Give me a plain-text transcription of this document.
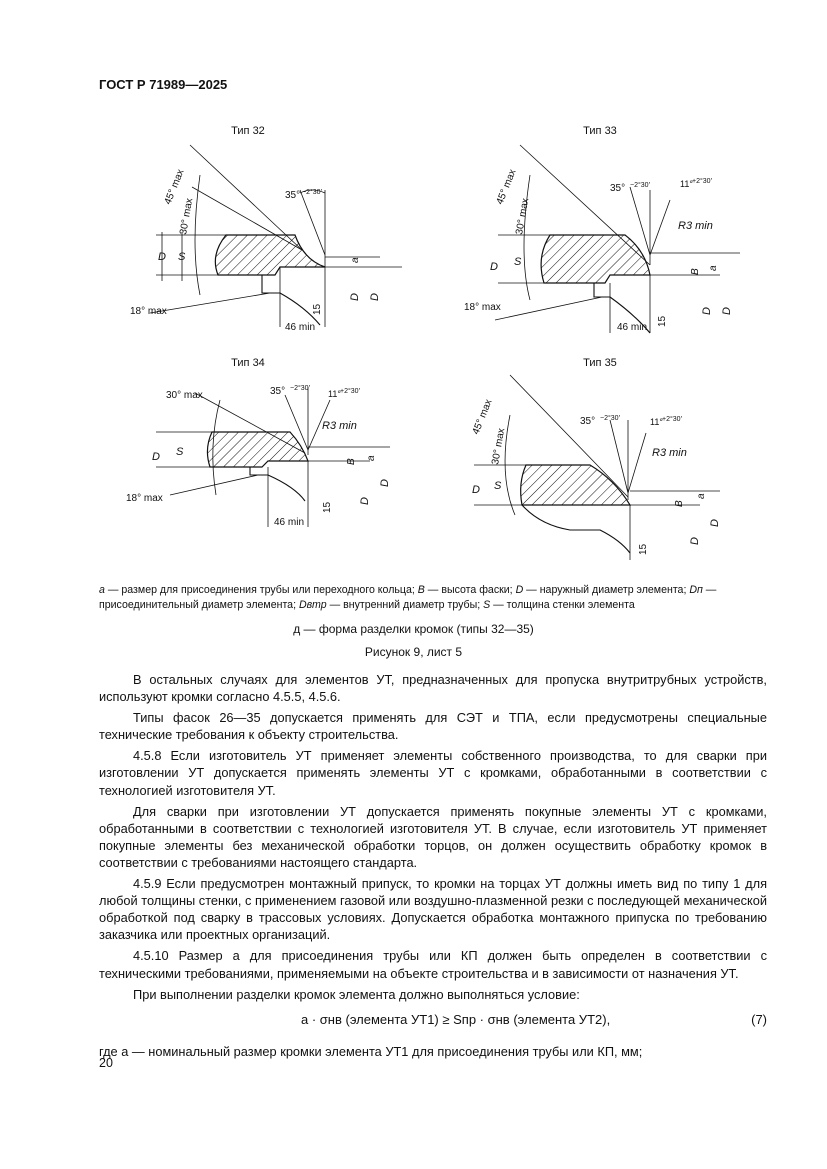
ГОСТ Р 71989—2025
Тип 32
45° max
30° max
18° max
35° −2°30′
D S
46 min
15
a
D D
Тип 33
45° max
30° max
18° max
35° −2°30′	11° +2°30′
R3 min
D S
46 min
15
B
a
D D
Тип 34
30° max
18° max
35° −2°30′
11° +2°30′
R3 min
D S
46 min
15
B
a
D
D
Тип 35
45° max
30° max
35° −2°30′	11° +2°30′
R3 min
D S
15
B
a
D
D
a — размер для присоединения трубы или переходного кольца; B — высота фаски; D — наружный диаметр элемента; Dп — присоединительный диаметр элемента; Dвтр — внутренний диаметр трубы; S — толщина стенки элемента
д — форма разделки кромок (типы 32—35)
Рисунок 9, лист 5

В остальных случаях для элементов УТ, предназначенных для пропуска внутритрубных устройств, используют кромки согласно 4.5.5, 4.5.6.

Типы фасок 26—35 допускается применять для СЭТ и ТПА, если предусмотрены специальные технические требования к объекту строительства.

4.5.8 Если изготовитель УТ применяет элементы собственного производства, то для сварки при изготовлении УТ допускается применять элементы УТ с кромками, обработанными в соответствии с технологией изготовителя УТ.

Для сварки при изготовлении УТ допускается применять покупные элементы УТ с кромками, обработанными в соответствии с технологией изготовителя УТ. В случае, если изготовитель УТ применяет покупные элементы без механической обработки торцов, он должен осуществить обработку кромок в соответствии с требованиями настоящего стандарта.

4.5.9 Если предусмотрен монтажный припуск, то кромки на торцах УТ должны иметь вид по типу 1 для любой толщины стенки, с применением газовой или воздушно-плазменной резки с последующей механической обработкой под сварку в трассовых условиях. Допускается обработка монтажного припуска по требованию заказчика или проектных организаций.

4.5.10 Размер a для присоединения трубы или КП должен быть определен в соответствии с техническими требованиями, применяемыми на объекте строительства и в зависимости от назначения УТ.

При выполнении разделки кромок элемента должно выполняться условие:

a · σнв (элемента УТ1) ≥ Sпр · σнв (элемента УТ2),	(7)

где a — номинальный размер кромки элемента УТ1 для присоединения трубы или КП, мм;

20
